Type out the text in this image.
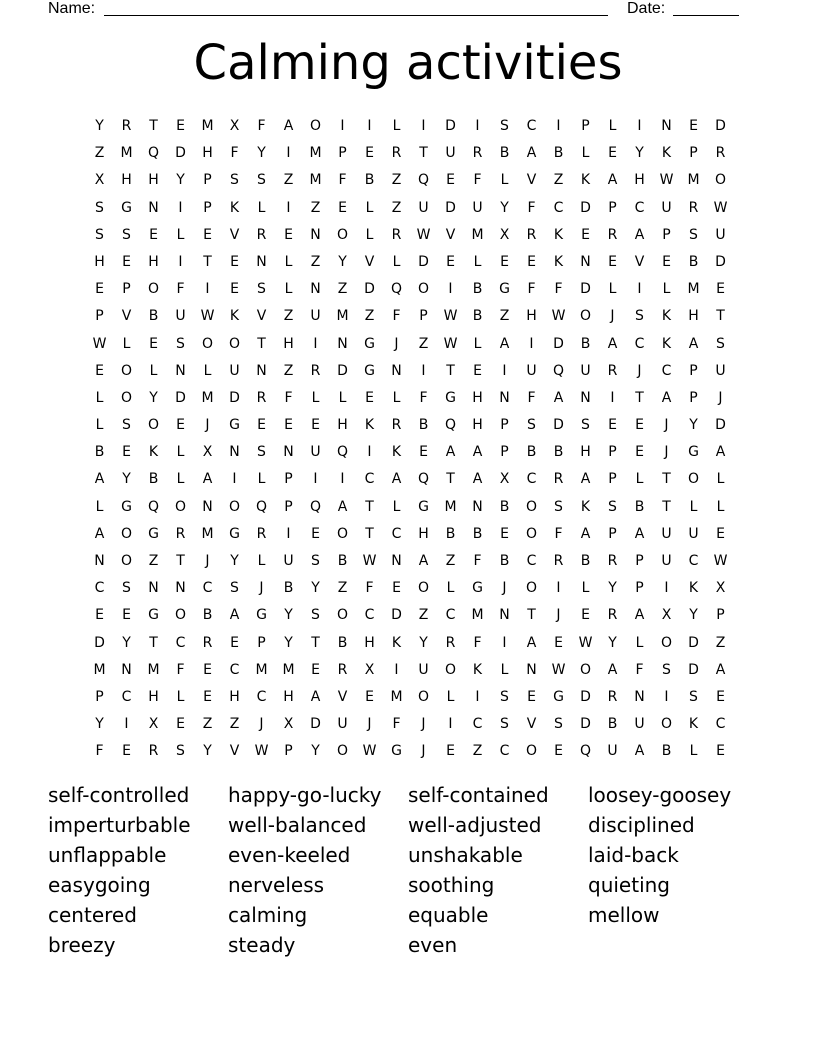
Name:	Date:
Calming activities
Y	R	T	E	M	X	F	A	O	I	I	L	I	D	I	S	C	I	P	L	I	N	E	D
Z	M	Q	D	H	F	Y	I	M	P	E	R	T	U	R	B	A	B	L	E	Y	K	P	R
X	H	H	Y	P	S	S	Z	M	F	B	Z	Q	E	F	L	V	Z	K	A	H	W	M	O
S	G	N	I	P	K	L	I	Z	E	L	Z	U	D	U	Y	F	C	D	P	C	U	R	W
S	S	E	L	E	V	R	E	N	O	L	R	W	V	M	X	R	K	E	R	A	P	S	U
H	E	H	I	T	E	N	L	Z	Y	V	L	D	E	L	E	E	K	N	E	V	E	B	D
E	P	O	F	I	E	S	L	N	Z	D	Q	O	I	B	G	F	F	D	L	I	L	M	E
P	V	B	U	W	K	V	Z	U	M	Z	F	P	W	B	Z	H	W	O	J	S	K	H	T
W	L	E	S	O	O	T	H	I	N	G	J	Z	W	L	A	I	D	B	A	C	K	A	S
E	O	L	N	L	U	N	Z	R	D	G	N	I	T	E	I	U	Q	U	R	J	C	P	U
L	O	Y	D	M	D	R	F	L	L	E	L	F	G	H	N	F	A	N	I	T	A	P	J
L	S	O	E	J	G	E	E	E	H	K	R	B	Q	H	P	S	D	S	E	E	J	Y	D
B	E	K	L	X	N	S	N	U	Q	I	K	E	A	A	P	B	B	H	P	E	J	G	A
A	Y	B	L	A	I	L	P	I	I	C	A	Q	T	A	X	C	R	A	P	L	T	O	L
L	G	Q	O	N	O	Q	P	Q	A	T	L	G	M	N	B	O	S	K	S	B	T	L	L
A	O	G	R	M	G	R	I	E	O	T	C	H	B	B	E	O	F	A	P	A	U	U	E
N	O	Z	T	J	Y	L	U	S	B	W	N	A	Z	F	B	C	R	B	R	P	U	C	W
C	S	N	N	C	S	J	B	Y	Z	F	E	O	L	G	J	O	I	L	Y	P	I	K	X
E	E	G	O	B	A	G	Y	S	O	C	D	Z	C	M	N	T	J	E	R	A	X	Y	P
D	Y	T	C	R	E	P	Y	T	B	H	K	Y	R	F	I	A	E	W	Y	L	O	D	Z
M	N	M	F	E	C	M	M	E	R	X	I	U	O	K	L	N	W	O	A	F	S	D	A
P	C	H	L	E	H	C	H	A	V	E	M	O	L	I	S	E	G	D	R	N	I	S	E
Y	I	X	E	Z	Z	J	X	D	U	J	F	J	I	C	S	V	S	D	B	U	O	K	C
F	E	R	S	Y	V	W	P	Y	O	W	G	J	E	Z	C	O	E	Q	U	A	B	L	E
self-controlled	happy-go-lucky	self-contained	loosey-goosey
imperturbable	well-balanced	well-adjusted	disciplined
unflappable	even-keeled	unshakable	laid-back
easygoing	nerveless	soothing	quieting
centered	calming	equable	mellow
breezy	steady	even
